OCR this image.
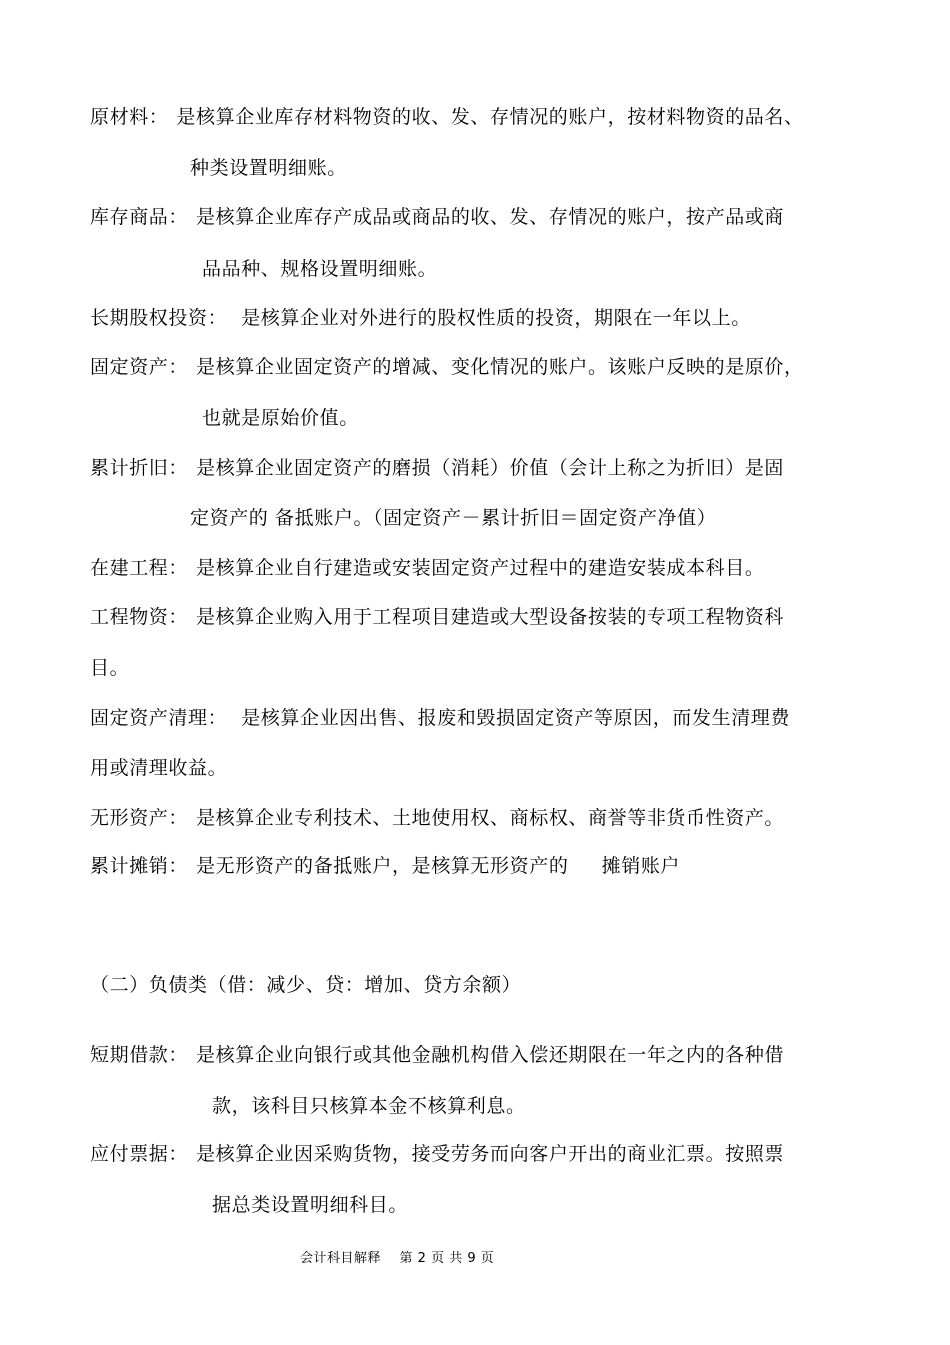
原材料： 是核算企业库存材料物资的收、发、存情况的账户，按材料物资的品名、
种类设置明细账。
库存商品： 是核算企业库存产成品或商品的收、发、存情况的账户，按产品或商
品品种、规格设置明细账。
长期股权投资： 是核算企业对外进行的股权性质的投资，期限在一年以上。
固定资产： 是核算企业固定资产的增减、变化情况的账户。该账户反映的是原价，
也就是原始价值。
累计折旧： 是核算企业固定资产的磨损（消耗）价值（会计上称之为折旧）是固
定资产的 备抵账户。（固定资产－累计折旧＝固定资产净值）
在建工程： 是核算企业自行建造或安装固定资产过程中的建造安装成本科目。
工程物资： 是核算企业购入用于工程项目建造或大型设备按装的专项工程物资科
目。
固定资产清理： 是核算企业因出售、报废和毁损固定资产等原因，而发生清理费
用或清理收益。
无形资产： 是核算企业专利技术、土地使用权、商标权、商誉等非货币性资产。
累计摊销： 是无形资产的备抵账户，是核算无形资产的     摊销账户
（二）负债类（借：减少、贷：增加、贷方余额）
短期借款： 是核算企业向银行或其他金融机构借入偿还期限在一年之内的各种借
款，该科目只核算本金不核算利息。
应付票据： 是核算企业因采购货物，接受劳务而向客户开出的商业汇票。按照票
据总类设置明细科目。
会计科目解释    第 2 页 共 9 页
